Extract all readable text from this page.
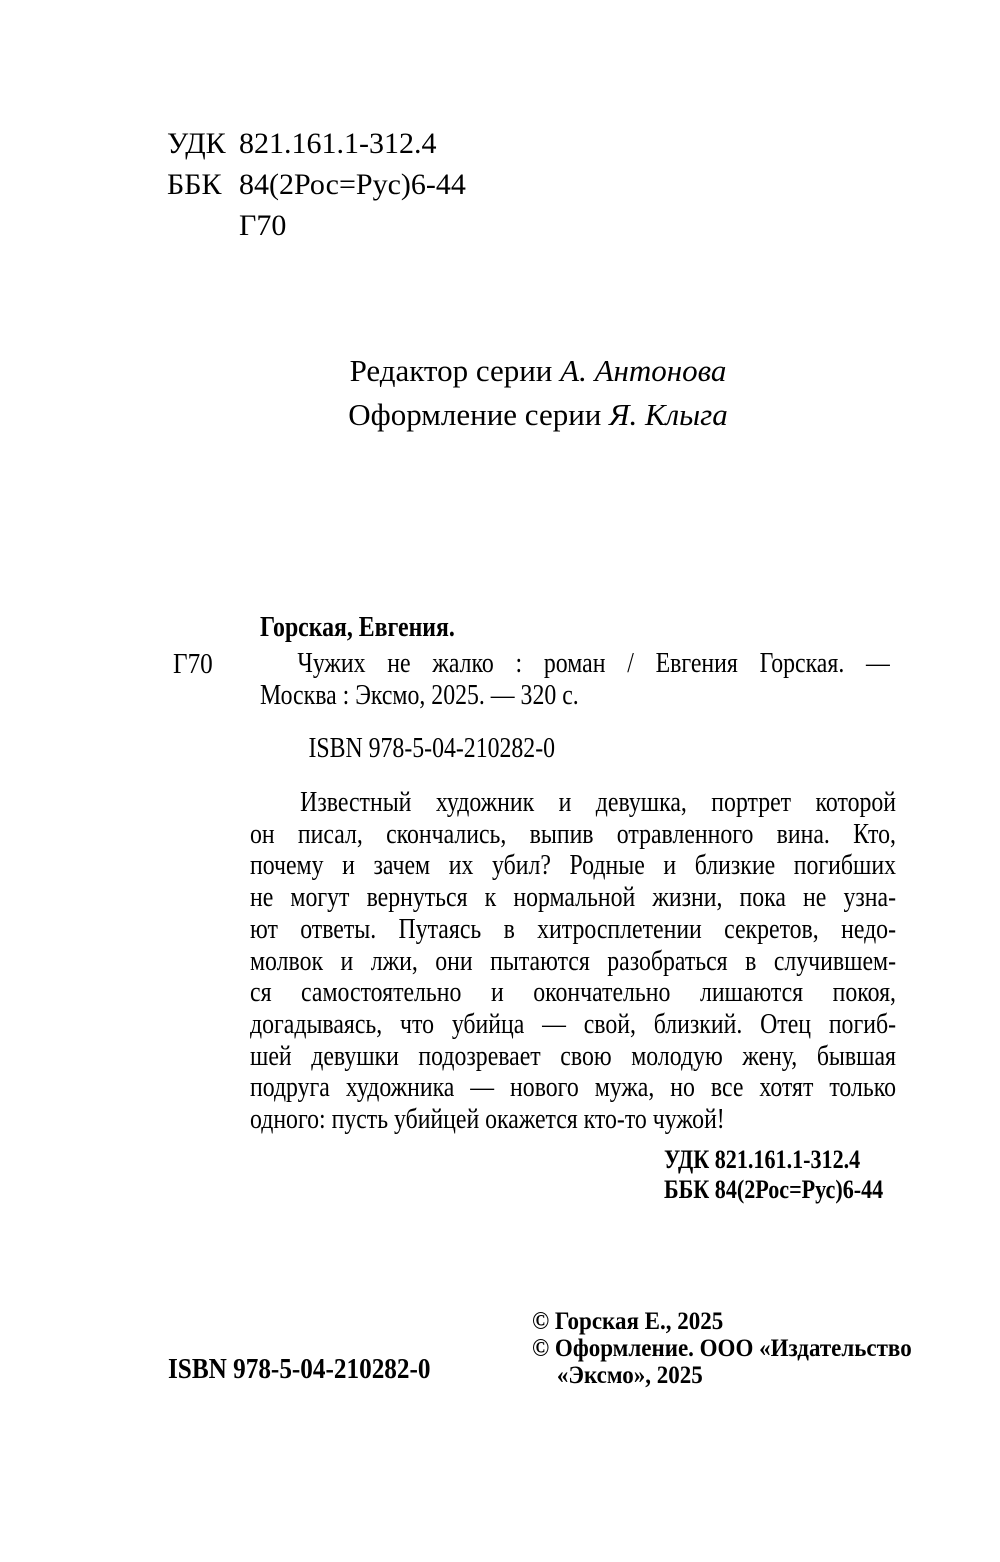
УДК 821.161.1-312.4
ББК 84(2Рос=Рус)6-44
Г70
Редактор серии А. Антонова
Оформление серии Я. Клыга
Г70
Горская, Евгения.
Чужих не жалко : роман / Евгения Горская. —
Москва : Эксмо, 2025. — 320 с.
ISBN 978-5-04-210282-0
Известный художник и девушка, портрет которой
он писал, скончались, выпив отравленного вина. Кто,
почему и зачем их убил? Родные и близкие погибших
не могут вернуться к нормальной жизни, пока не узна-
ют ответы. Путаясь в хитросплетении секретов, недо-
молвок и лжи, они пытаются разобраться в случившем-
ся самостоятельно и окончательно лишаются покоя,
догадываясь, что убийца — свой, близкий. Отец погиб-
шей девушки подозревает свою молодую жену, бывшая
подруга художника — нового мужа, но все хотят только
одного: пусть убийцей окажется кто-то чужой!
УДК 821.161.1-312.4
ББК 84(2Рос=Рус)6-44
ISBN 978-5-04-210282-0
© Горская Е., 2025
© Оформление. ООО «Издательство
«Эксмо», 2025
